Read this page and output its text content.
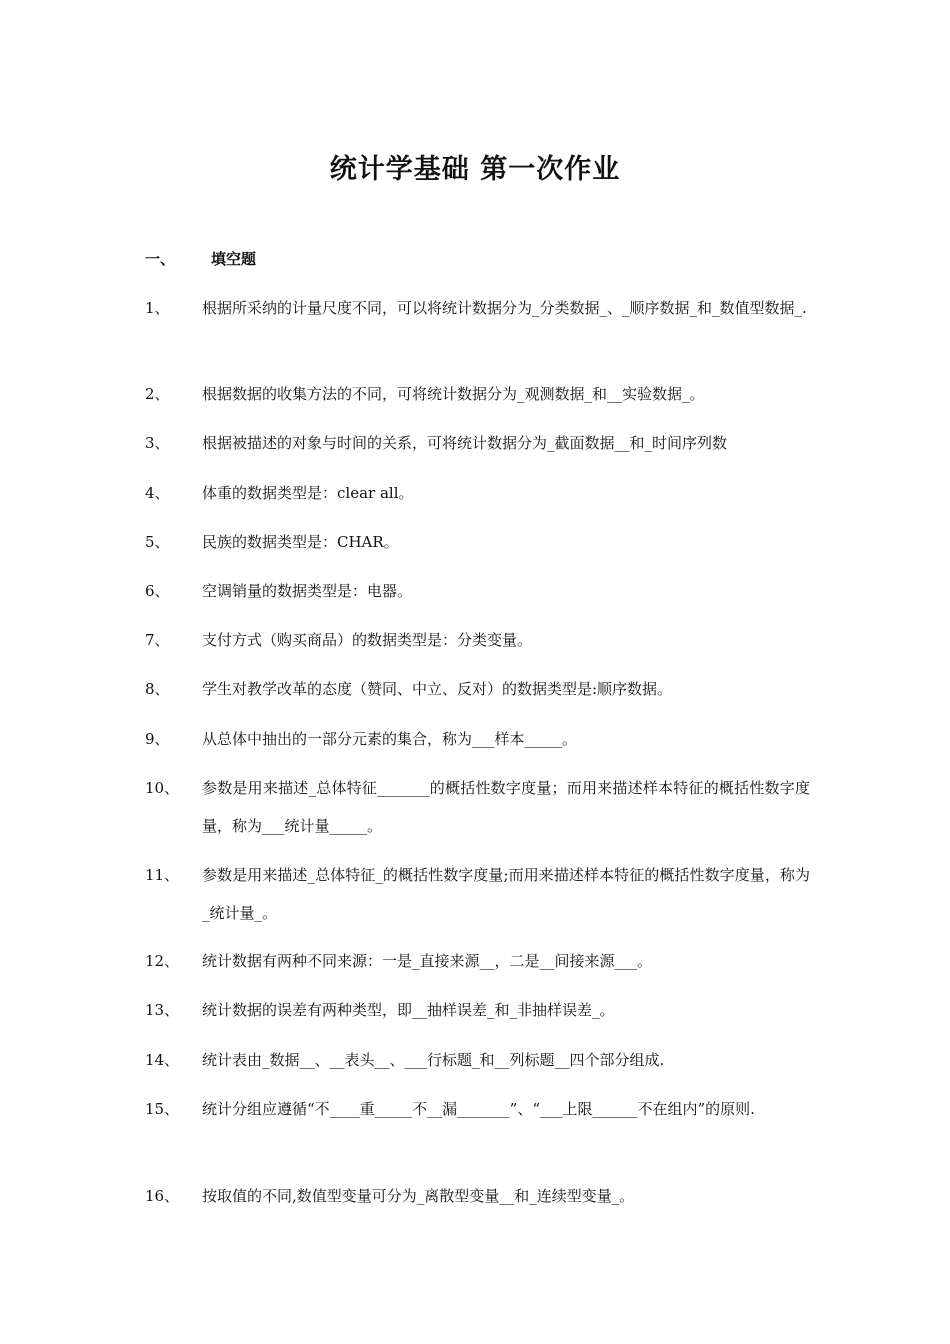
统计学基础 第一次作业
一、 填空题
1、	根据所采纳的计量尺度不同，可以将统计数据分为_分类数据_、_顺序数据_和_数值型数据_.
2、	根据数据的收集方法的不同，可将统计数据分为_观测数据_和__实验数据_。
3、	根据被描述的对象与时间的关系，可将统计数据分为_截面数据__和_时间序列数
4、	体重的数据类型是：clear all。
5、	民族的数据类型是：CHAR。
6、	空调销量的数据类型是：电器。
7、	支付方式（购买商品）的数据类型是：分类变量。
8、	学生对教学改革的态度（赞同、中立、反对）的数据类型是:顺序数据。
9、	从总体中抽出的一部分元素的集合，称为___样本_____。
10、	参数是用来描述_总体特征_______的概括性数字度量；而用来描述样本特征的概括性数字度量，称为___统计量_____。
11、	参数是用来描述_总体特征_的概括性数字度量;而用来描述样本特征的概括性数字度量，称为_统计量_。
12、	统计数据有两种不同来源：一是_直接来源__，二是__间接来源___。
13、	统计数据的误差有两种类型，即__抽样误差_和_非抽样误差_。
14、	统计表由_数据__、__表头__、___行标题_和__列标题__四个部分组成.
15、	统计分组应遵循“不____重_____不__漏_______”、“___上限______不在组内”的原则.
16、	按取值的不同,数值型变量可分为_离散型变量__和_连续型变量_。
